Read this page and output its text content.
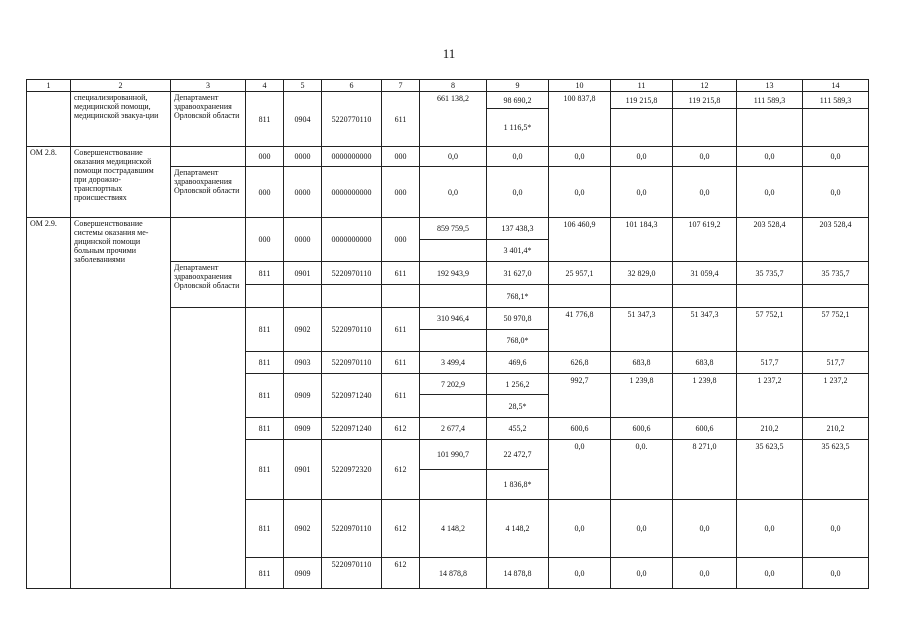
11
1	2	3	4	5	6	7	8	9	10	11	12	13	14
	специализированной, медицинской помощи, медицинской эвакуа-ции	Департамент здравоохранения Орловской области	811	0904	5220770110	611	661 138,2	98 690,2	100 837,8	119 215,8	119 215,8	111 589,3	111 589,3
								1 116,5*					
ОМ 2.8.	Совершенствование оказания медицинской помощи пострадавшим при дорожно-транспортных происшествиях		000	0000	0000000000	000	0,0	0,0	0,0	0,0	0,0	0,0	0,0
		Департамент здравоохранения Орловской области	000	0000	0000000000	000	0,0	0,0	0,0	0,0	0,0	0,0	0,0
ОМ 2.9.	Совершенствование системы оказания ме-дицинской помощи больным прочими заболеваниями		000	0000	0000000000	000	859 759,5	137 438,3	106 460,9	101 184,3	107 619,2	203 528,4	203 528,4
								3 401,4*					
		Департамент здравоохранения Орловской области	811	0901	5220970110	611	192 943,9	31 627,0	25 957,1	32 829,0	31 059,4	35 735,7	35 735,7
								768,1*					
			811	0902	5220970110	611	310 946,4	50 970,8	41 776,8	51 347,3	51 347,3	57 752,1	57 752,1
								768,0*					
			811	0903	5220970110	611	3 499,4	469,6	626,8	683,8	683,8	517,7	517,7
			811	0909	5220971240	611	7 202,9	1 256,2	992,7	1 239,8	1 239,8	1 237,2	1 237,2
								28,5*					
			811	0909	5220971240	612	2 677,4	455,2	600,6	600,6	600,6	210,2	210,2
			811	0901	5220972320	612	101 990,7	22 472,7	0,0	0,0.	8 271,0	35 623,5	35 623,5
								1 836,8*					
			811	0902	5220970110	612	4 148,2	4 148,2	0,0	0,0	0,0	0,0	0,0
			811	0909	5220970110	612	14 878,8	14 878,8	0,0	0,0	0,0	0,0	0,0
